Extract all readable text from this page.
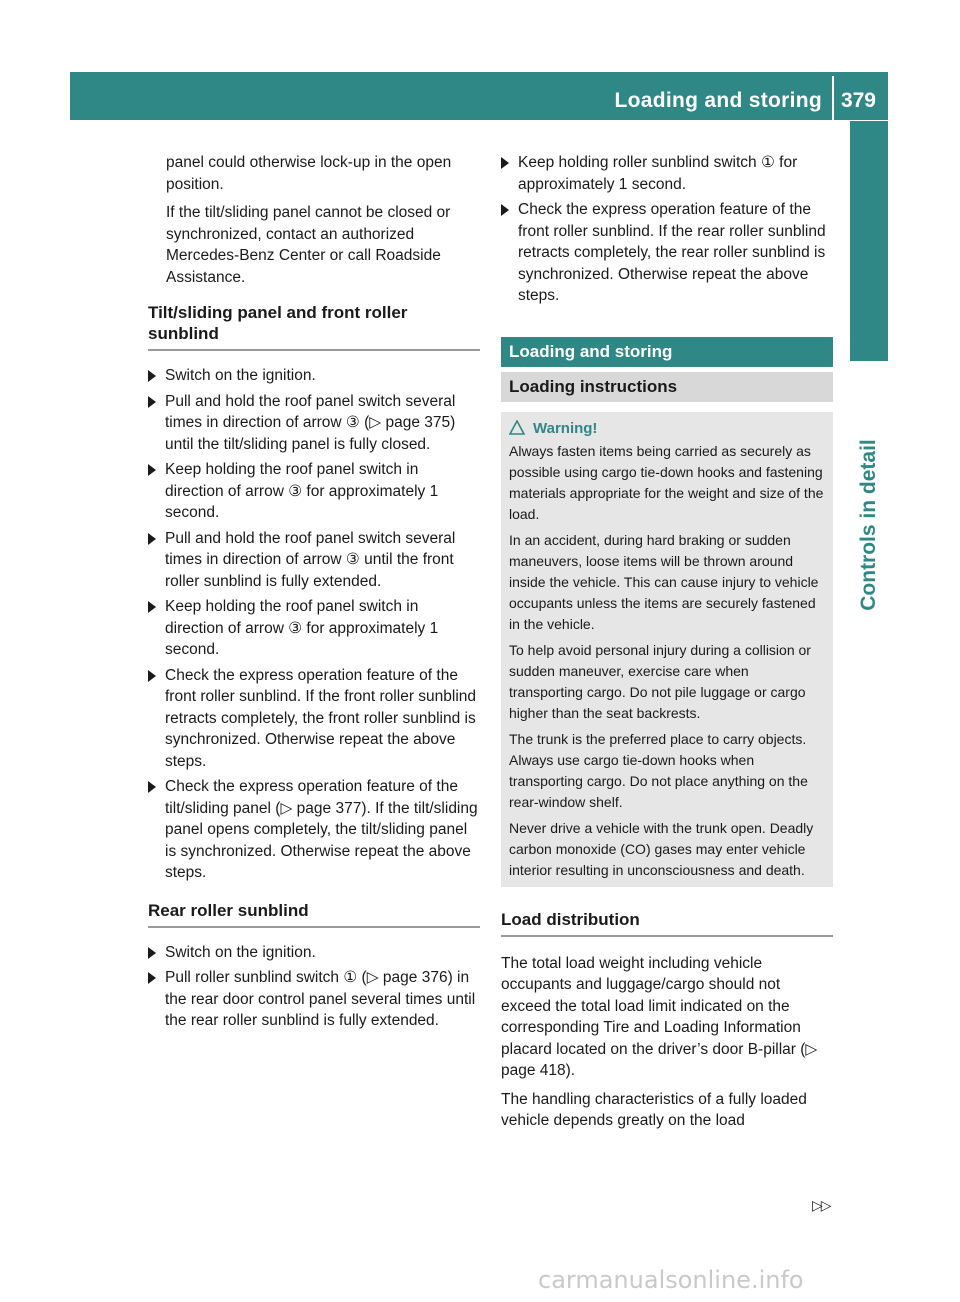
Loading and storing 379
Controls in detail

panel could otherwise lock-up in the open position.

If the tilt/sliding panel cannot be closed or synchronized, contact an authorized Mercedes-Benz Center or call Roadside Assistance.

Tilt/sliding panel and front roller sunblind
Switch on the ignition.
Pull and hold the roof panel switch several times in direction of arrow ③ (▷ page 375) until the tilt/sliding panel is fully closed.
Keep holding the roof panel switch in direction of arrow ③ for approximately 1 second.
Pull and hold the roof panel switch several times in direction of arrow ③ until the front roller sunblind is fully extended.
Keep holding the roof panel switch in direction of arrow ③ for approximately 1 second.
Check the express operation feature of the front roller sunblind. If the front roller sunblind retracts completely, the front roller sunblind is synchronized. Otherwise repeat the above steps.
Check the express operation feature of the tilt/sliding panel (▷ page 377). If the tilt/sliding panel opens completely, the tilt/sliding panel is synchronized. Otherwise repeat the above steps.
Rear roller sunblind
Switch on the ignition.
Pull roller sunblind switch ① (▷ page 376) in the rear door control panel several times until the rear roller sunblind is fully extended.
Keep holding roller sunblind switch ① for approximately 1 second.
Check the express operation feature of the front roller sunblind. If the rear roller sunblind retracts completely, the rear roller sunblind is synchronized. Otherwise repeat the above steps.
Loading and storing
Loading instructions
Warning!

Always fasten items being carried as securely as possible using cargo tie-down hooks and fastening materials appropriate for the weight and size of the load.

In an accident, during hard braking or sudden maneuvers, loose items will be thrown around inside the vehicle. This can cause injury to vehicle occupants unless the items are securely fastened in the vehicle.

To help avoid personal injury during a collision or sudden maneuver, exercise care when transporting cargo. Do not pile luggage or cargo higher than the seat backrests.

The trunk is the preferred place to carry objects. Always use cargo tie-down hooks when transporting cargo. Do not place anything on the rear-window shelf.

Never drive a vehicle with the trunk open. Deadly carbon monoxide (CO) gases may enter vehicle interior resulting in unconsciousness and death.

Load distribution

The total load weight including vehicle occupants and luggage/cargo should not exceed the total load limit indicated on the corresponding Tire and Loading Information placard located on the driver’s door B-pillar (▷ page 418).

The handling characteristics of a fully loaded vehicle depends greatly on the load

▷▷
carmanualsonline.info
